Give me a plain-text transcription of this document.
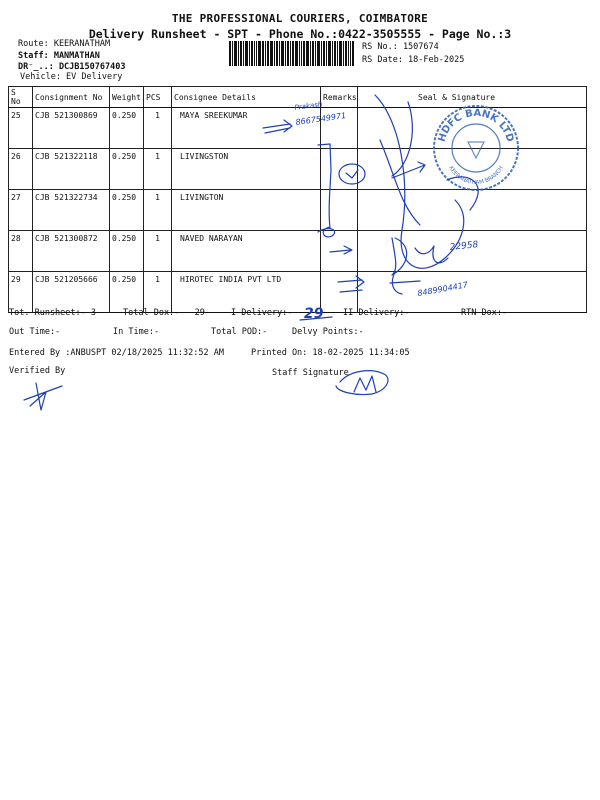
THE PROFESSIONAL COURIERS, COIMBATORE
Delivery Runsheet - SPT - Phone No.:0422-3505555 - Page No.:3
Route: KEERANATHAM
Staff: MANMATHAN
DR⁻_..: DCJB150767403
Vehicle: EV Delivery
RS No.: 1507674
RS Date: 18-Feb-2025
S No	Consignment No	Weight	PCS	Consignee Details	Remarks	Seal & Signature
25	CJB 521300869	0.250	1	MAYA SREEKUMAR		
26	CJB 521322118	0.250	1	LIVINGSTON		
27	CJB 521322734	0.250	1	LIVINGTON		
28	CJB 521300872	0.250	1	NAVED NARAYAN		
29	CJB 521205666	0.250	1	HIROTEC INDIA PVT LTD		
Tot. Runsheet:- 3	Total Dox:-   29	I Delivery:-	II Delivery:-	RTN Dox:-
Out Time:-	In Time:-	Total POD:-	Delvy Points:-
Entered By :ANBUSPT 02/18/2025 11:32:52 AM	Printed On: 18-02-2025 11:34:05
Verified By	Staff Signature
HDFC BANK LTD
KEERANATHAM BRANCH
Prakash
8667549971
22958
8489904417
29
